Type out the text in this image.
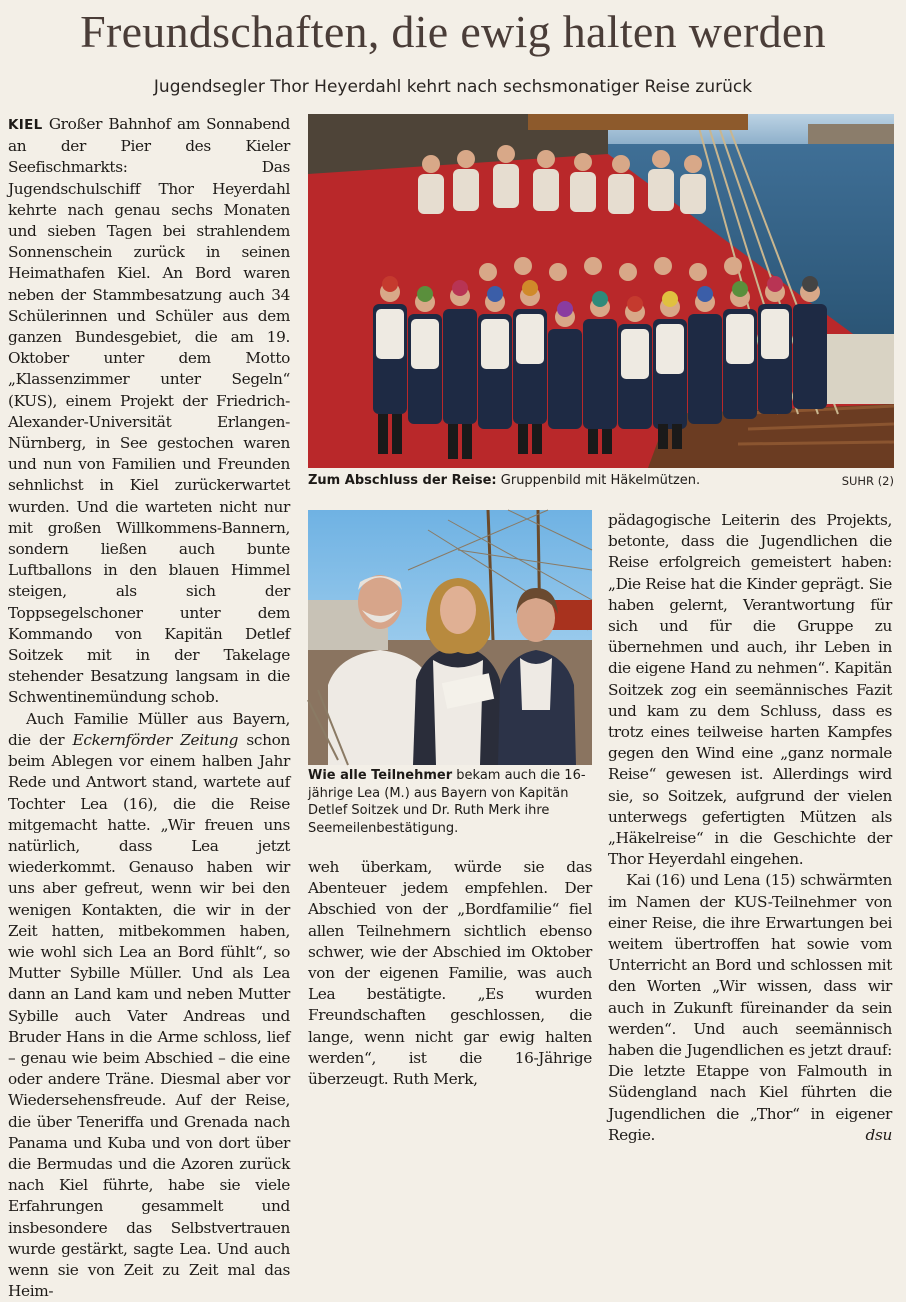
Freundschaften, die ewig halten werden
Jugendsegler Thor Heyerdahl kehrt nach sechsmonatiger Reise zurück

KIEL Großer Bahnhof am Sonnabend an der Pier des Kieler Seefischmarkts: Das Jugendschulschiff Thor Heyerdahl kehrte nach genau sechs Monaten und sieben Tagen bei strahlendem Sonnenschein zurück in seinen Heimathafen Kiel. An Bord waren neben der Stammbesatzung auch 34 Schülerinnen und Schüler aus dem ganzen Bundesgebiet, die am 19. Oktober unter dem Motto „Klassenzimmer unter Segeln“ (KUS), einem Projekt der Friedrich-Alexander-Universität Erlangen-Nürnberg, in See gestochen waren und nun von Familien und Freunden sehnlichst in Kiel zurückerwartet wurden. Und die warteten nicht nur mit großen Willkommens-Bannern, sondern ließen auch bunte Luftballons in den blauen Himmel steigen, als sich der Toppsegelschoner unter dem Kommando von Kapitän Detlef Soitzek mit in der Takelage stehender Besatzung langsam in die Schwentinemündung schob.

Auch Familie Müller aus Bayern, die der Eckernförder Zeitung schon beim Ablegen vor einem halben Jahr Rede und Antwort stand, wartete auf Tochter Lea (16), die die Reise mitgemacht hatte. „Wir freuen uns natürlich, dass Lea jetzt wiederkommt. Genauso haben wir uns aber gefreut, wenn wir bei den wenigen Kontakten, die wir in der Zeit hatten, mitbekommen haben, wie wohl sich Lea an Bord fühlt“, so Mutter Sybille Müller. Und als Lea dann an Land kam und neben Mutter Sybille auch Vater Andreas und Bruder Hans in die Arme schloss, lief – genau wie beim Abschied – die eine oder andere Träne. Diesmal aber vor Wiedersehensfreude. Auf der Reise, die über Teneriffa und Grenada nach Panama und Kuba und von dort über die Bermudas und die Azoren zurück nach Kiel führte, habe sie viele Erfahrungen gesammelt und insbesondere das Selbstvertrauen wurde gestärkt, sagte Lea. Und auch wenn sie von Zeit zu Zeit mal das Heim-

Zum Abschluss der Reise: Gruppenbild mit Häkelmützen.	SUHR (2)
Wie alle Teilnehmer bekam auch die 16-jährige Lea (M.) aus Bayern von Kapitän Detlef Soitzek und Dr. Ruth Merk ihre Seemeilenbestätigung.

weh überkam, würde sie das Abenteuer jedem empfehlen. Der Abschied von der „Bordfamilie“ fiel allen Teilnehmern sichtlich ebenso schwer, wie der Abschied im Oktober von der eigenen Familie, was auch Lea bestätigte. „Es wurden Freundschaften geschlossen, die lange, wenn nicht gar ewig halten werden“, ist die 16-Jährige überzeugt. Ruth Merk,

pädagogische Leiterin des Projekts, betonte, dass die Jugendlichen die Reise erfolgreich gemeistert haben: „Die Reise hat die Kinder geprägt. Sie haben gelernt, Verantwortung für sich und für die Gruppe zu übernehmen und auch, ihr Leben in die eigene Hand zu nehmen“. Kapitän Soitzek zog ein seemännisches Fazit und kam zu dem Schluss, dass es trotz eines teilweise harten Kampfes gegen den Wind eine „ganz normale Reise“ gewesen ist. Allerdings wird sie, so Soitzek, aufgrund der vielen unterwegs gefertigten Mützen als „Häkelreise“ in die Geschichte der Thor Heyerdahl eingehen.

Kai (16) und Lena (15) schwärmten im Namen der KUS-Teilnehmer von einer Reise, die ihre Erwartungen bei weitem übertroffen hat sowie vom Unterricht an Bord und schlossen mit den Worten „Wir wissen, dass wir auch in Zukunft füreinander da sein werden“. Und auch seemännisch haben die Jugendlichen es jetzt drauf: Die letzte Etappe von Falmouth in Südengland nach Kiel führten die Jugendlichen die „Thor“ in eigener Regie.	dsu
